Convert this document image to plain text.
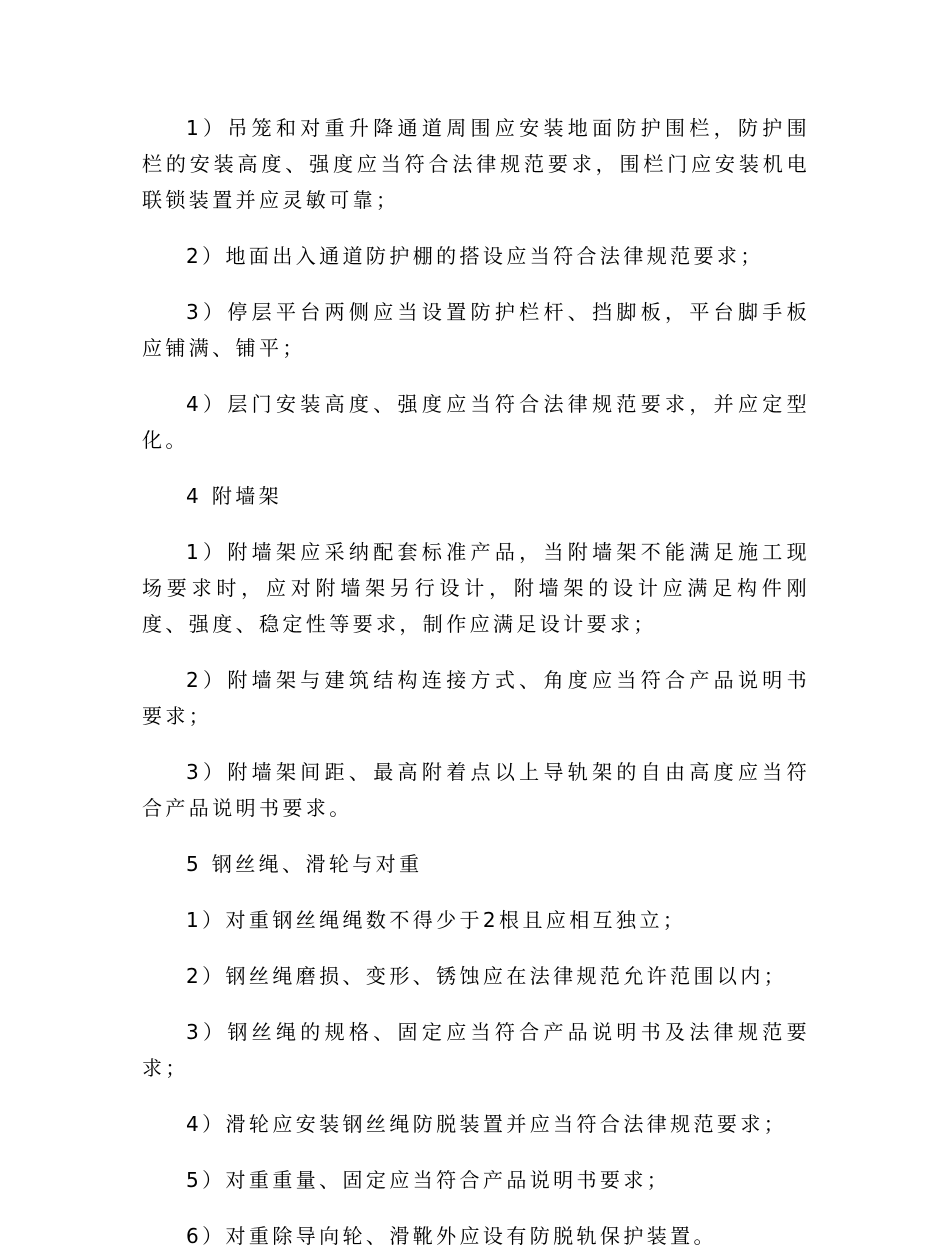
1）吊笼和对重升降通道周围应安装地面防护围栏，防护围栏的安装高度、强度应当符合法律规范要求，围栏门应安装机电联锁装置并应灵敏可靠；

2）地面出入通道防护棚的搭设应当符合法律规范要求；

3）停层平台两侧应当设置防护栏杆、挡脚板，平台脚手板应铺满、铺平；

4）层门安装高度、强度应当符合法律规范要求，并应定型化。

4 附墙架

1）附墙架应采纳配套标准产品，当附墙架不能满足施工现场要求时，应对附墙架另行设计，附墙架的设计应满足构件刚度、强度、稳定性等要求，制作应满足设计要求；

2）附墙架与建筑结构连接方式、角度应当符合产品说明书要求；

3）附墙架间距、最高附着点以上导轨架的自由高度应当符合产品说明书要求。

5 钢丝绳、滑轮与对重

1）对重钢丝绳绳数不得少于2根且应相互独立；

2）钢丝绳磨损、变形、锈蚀应在法律规范允许范围以内；

3）钢丝绳的规格、固定应当符合产品说明书及法律规范要求；

4）滑轮应安装钢丝绳防脱装置并应当符合法律规范要求；

5）对重重量、固定应当符合产品说明书要求；

6）对重除导向轮、滑靴外应设有防脱轨保护装置。
